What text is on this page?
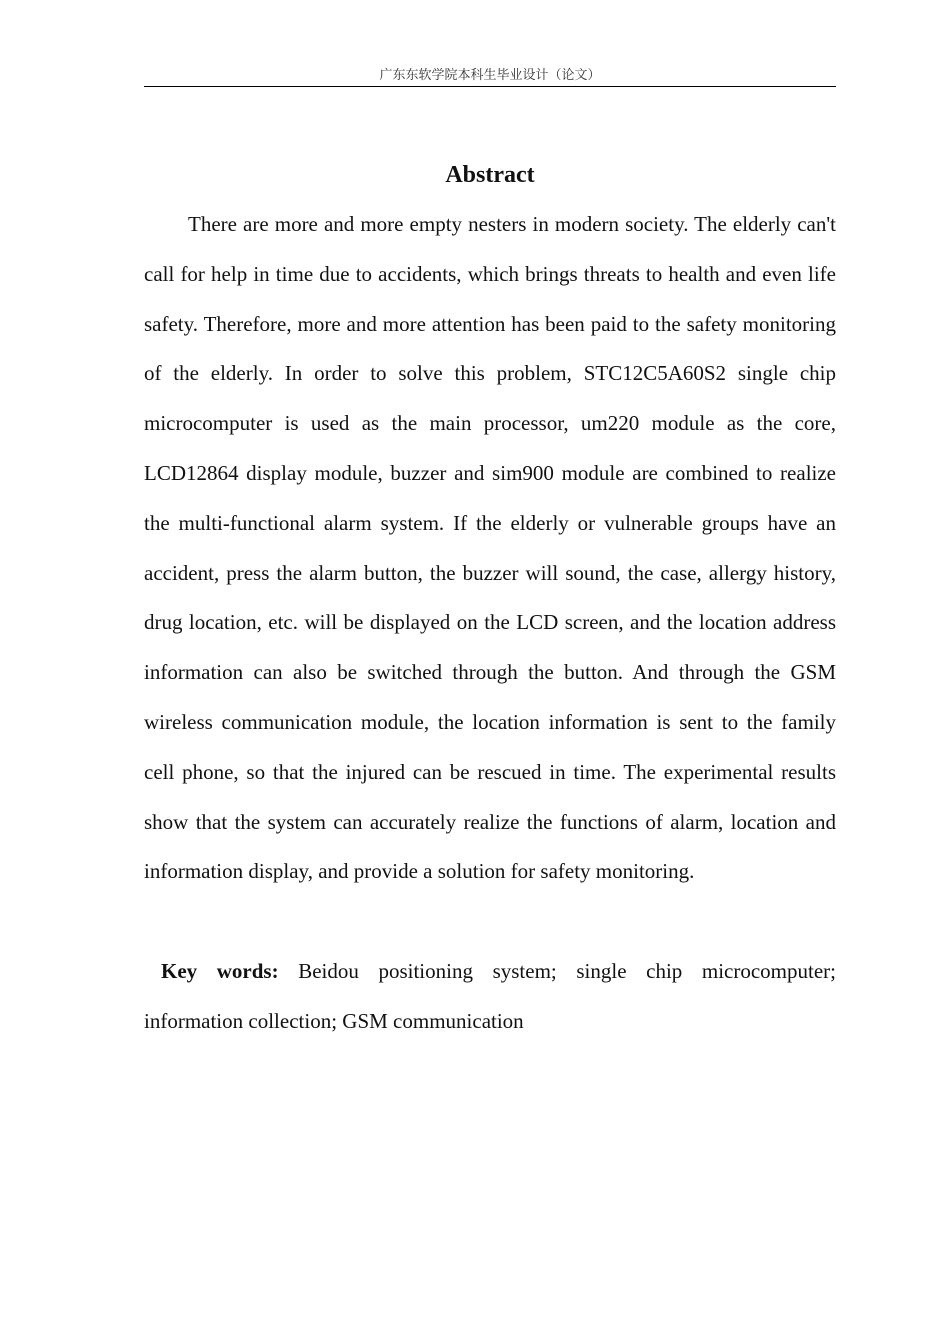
广东东软学院本科生毕业设计（论文）
Abstract

There are more and more empty nesters in modern society. The elderly can't call for help in time due to accidents, which brings threats to health and even life safety. Therefore, more and more attention has been paid to the safety monitoring of the elderly. In order to solve this problem, STC12C5A60S2 single chip microcomputer is used as the main processor, um220 module as the core, LCD12864 display module, buzzer and sim900 module are combined to realize the multi-functional alarm system. If the elderly or vulnerable groups have an accident, press the alarm button, the buzzer will sound, the case, allergy history, drug location, etc. will be displayed on the LCD screen, and the location address information can also be switched through the button. And through the GSM wireless communication module, the location information is sent to the family cell phone, so that the injured can be rescued in time. The experimental results show that the system can accurately realize the functions of alarm, location and information display, and provide a solution for safety monitoring.

Key words: Beidou positioning system; single chip microcomputer;
information collection; GSM communication
